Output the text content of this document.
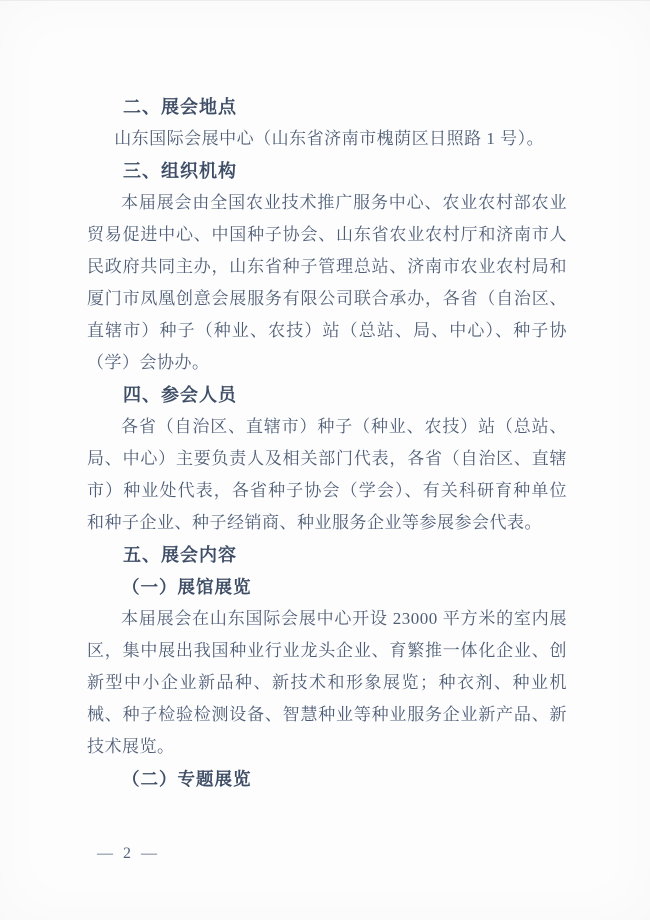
二、展会地点

山东国际会展中心（山东省济南市槐荫区日照路 1 号）。

三、组织机构

本届展会由全国农业技术推广服务中心、农业农村部农业贸易促进中心、中国种子协会、山东省农业农村厅和济南市人民政府共同主办，山东省种子管理总站、济南市农业农村局和厦门市凤凰创意会展服务有限公司联合承办，各省（自治区、直辖市）种子（种业、农技）站（总站、局、中心）、种子协（学）会协办。

四、参会人员

各省（自治区、直辖市）种子（种业、农技）站（总站、局、中心）主要负责人及相关部门代表，各省（自治区、直辖市）种业处代表，各省种子协会（学会）、有关科研育种单位和种子企业、种子经销商、种业服务企业等参展参会代表。

五、展会内容
（一）展馆展览

本届展会在山东国际会展中心开设 23000 平方米的室内展区，集中展出我国种业行业龙头企业、育繁推一体化企业、创新型中小企业新品种、新技术和形象展览；种衣剂、种业机械、种子检验检测设备、智慧种业等种业服务企业新产品、新技术展览。

（二）专题展览
— 2 —
